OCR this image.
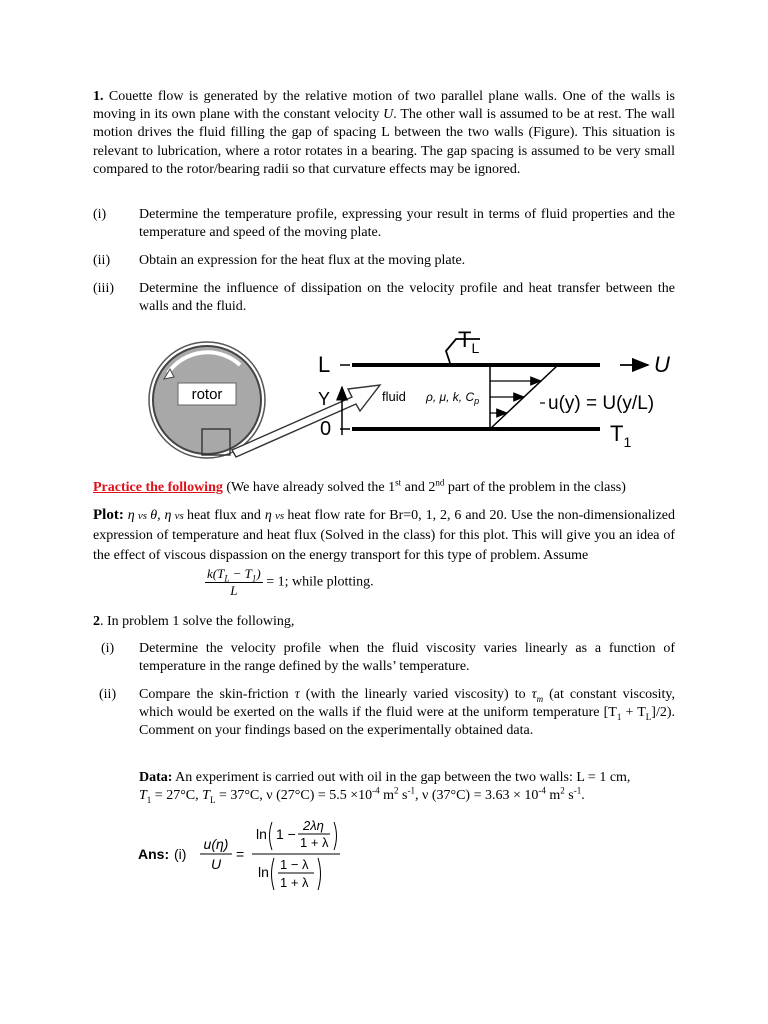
1. Couette flow is generated by the relative motion of two parallel plane walls. One of the walls is moving in its own plane with the constant velocity U. The other wall is assumed to be at rest. The wall motion drives the fluid filling the gap of spacing L between the two walls (Figure). This situation is relevant to lubrication, where a rotor rotates in a bearing. The gap spacing is assumed to be very small compared to the rotor/bearing radii so that curvature effects may be ignored.
(i)	Determine the temperature profile, expressing your result in terms of fluid properties and the temperature and speed of the moving plate.
(ii)	Obtain an expression for the heat flux at the moving plate.
(iii)	Determine the influence of dissipation on the velocity profile and heat transfer between the walls and the fluid.
rotor
L
0
Y
$T_L$
U
fluid ρ, μ, k, $C_p$	u(y) = U(y/L)
$T_1$
Practice the following (We have already solved the 1st and 2nd part of the problem in the class)
Plot: η vs θ, η vs heat flux and η vs heat flow rate for Br=0, 1, 2, 6 and 20. Use the non-dimensionalized expression of temperature and heat flux (Solved in the class) for this plot. This will give you an idea of the effect of viscous dispassion on the energy transport for this type of problem. Assume
$\frac{k(T_L - T_1)}{L} = 1$; while plotting.
2. In problem 1 solve the following,
(i)	Determine the velocity profile when the fluid viscosity varies linearly as a function of temperature in the range defined by the walls’ temperature.
(ii)	Compare the skin-friction τ (with the linearly varied viscosity) to $\tau_m$ (at constant viscosity, which would be exerted on the walls if the fluid were at the uniform temperature $[T_1 + T_L]/2$). Comment on your findings based on the experimentally obtained data.
Data: An experiment is carried out with oil in the gap between the two walls: L = 1 cm,
$T_1 = 27^\circ C$, $T_L = 37^\circ C$, ν $(27^\circ C) = 5.5 \times 10^{-4}$ $m^2$ $s^{-1}$, ν $(37^\circ C) = 3.63 \times 10^{-4}$ $m^2$ $s^{-1}$.
Ans: (i)
u(η)
U
=
ln 1 −
2λη
1 + λ
ln 1 − λ
1 + λ
